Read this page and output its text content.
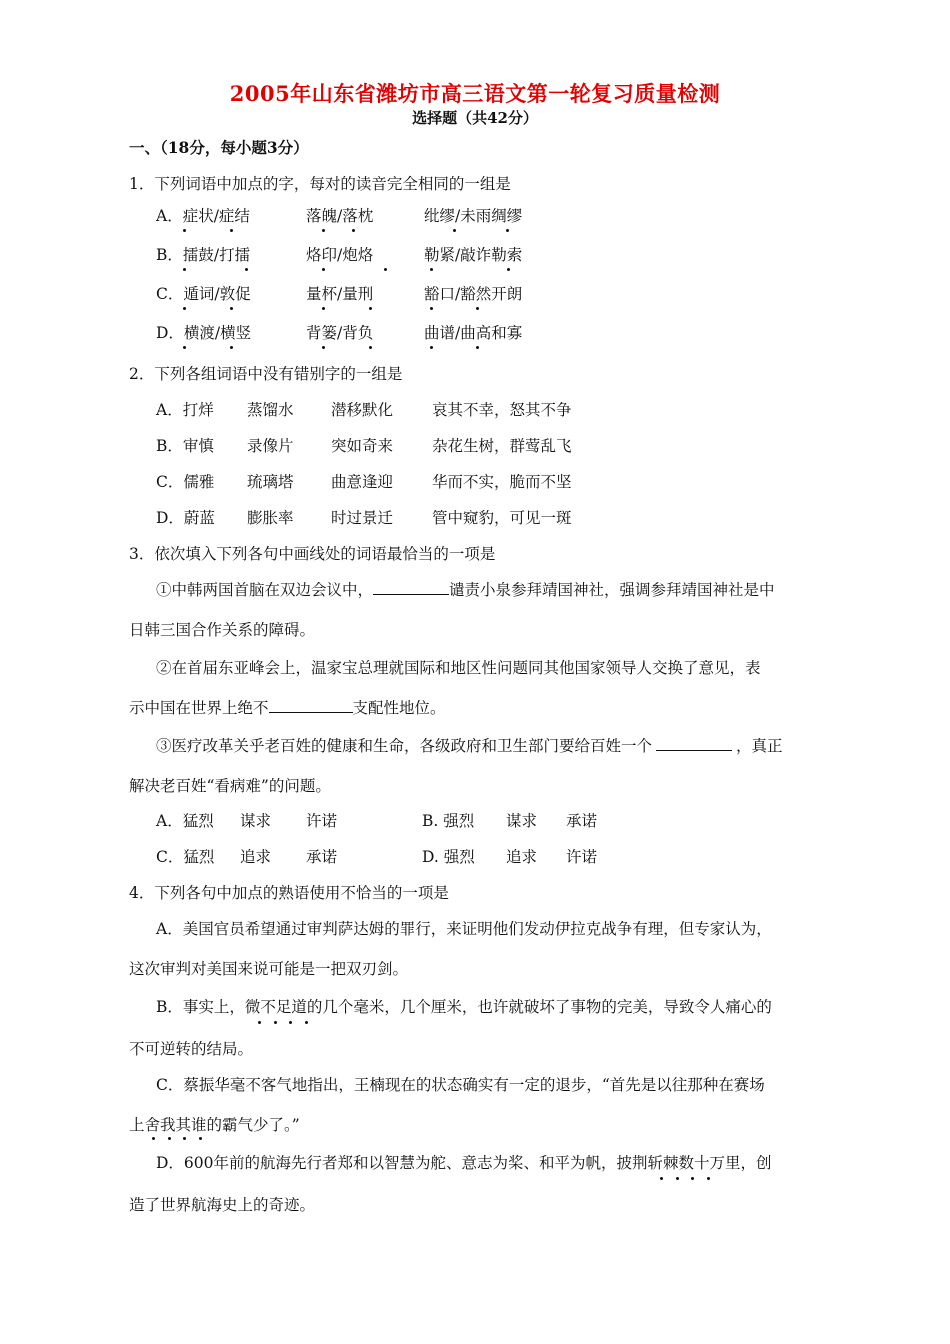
2005年山东省潍坊市高三语文第一轮复习质量检测
选择题（共42分）
一、（18分，每小题3分）
1．下列词语中加点的字，每对的读音完全相同的一组是
A．症状/症结	落魄/落枕	纰缪/未雨绸缪
B．擂鼓/打擂	烙印/炮烙	勒紧/敲诈勒索
C．遁词/敦促	量杯/量刑	豁口/豁然开朗
D．横渡/横竖	背篓/背负	曲谱/曲高和寡
2．下列各组词语中没有错别字的一组是
A．打烊 蒸馏水 潜移默化	哀其不幸，怒其不争
B．审慎 录像片 突如奇来	杂花生树，群莺乱飞
C．儒雅 琉璃塔 曲意逢迎	华而不实，脆而不坚
D．蔚蓝 膨胀率 时过景迁	管中窥豹，可见一斑
3．依次填入下列各句中画线处的词语最恰当的一项是
①中韩两国首脑在双边会议中，	谴责小泉参拜靖国神社，强调参拜靖国神社是中
日韩三国合作关系的障碍。
②在首届东亚峰会上，温家宝总理就国际和地区性问题同其他国家领导人交换了意见，表
示中国在世界上绝不	支配性地位。
③医疗改革关乎老百姓的健康和生命，各级政府和卫生部门要给百姓一个	，真正
解决老百姓“看病难”的问题。
A．猛烈 谋求 许诺	B. 强烈 谋求 承诺
C．猛烈 追求 承诺	D. 强烈 追求 许诺
4．下列各句中加点的熟语使用不恰当的一项是
A．美国官员希望通过审判萨达姆的罪行，来证明他们发动伊拉克战争有理，但专家认为，
这次审判对美国来说可能是一把双刃剑。
B．事实上，微不足道的几个毫米，几个厘米，也许就破坏了事物的完美，导致令人痛心的
不可逆转的结局。
C．蔡振华毫不客气地指出，王楠现在的状态确实有一定的退步，“首先是以往那种在赛场
上舍我其谁的霸气少了。”
D．600年前的航海先行者郑和以智慧为舵、意志为桨、和平为帆，披荆斩棘数十万里，创
造了世界航海史上的奇迹。
